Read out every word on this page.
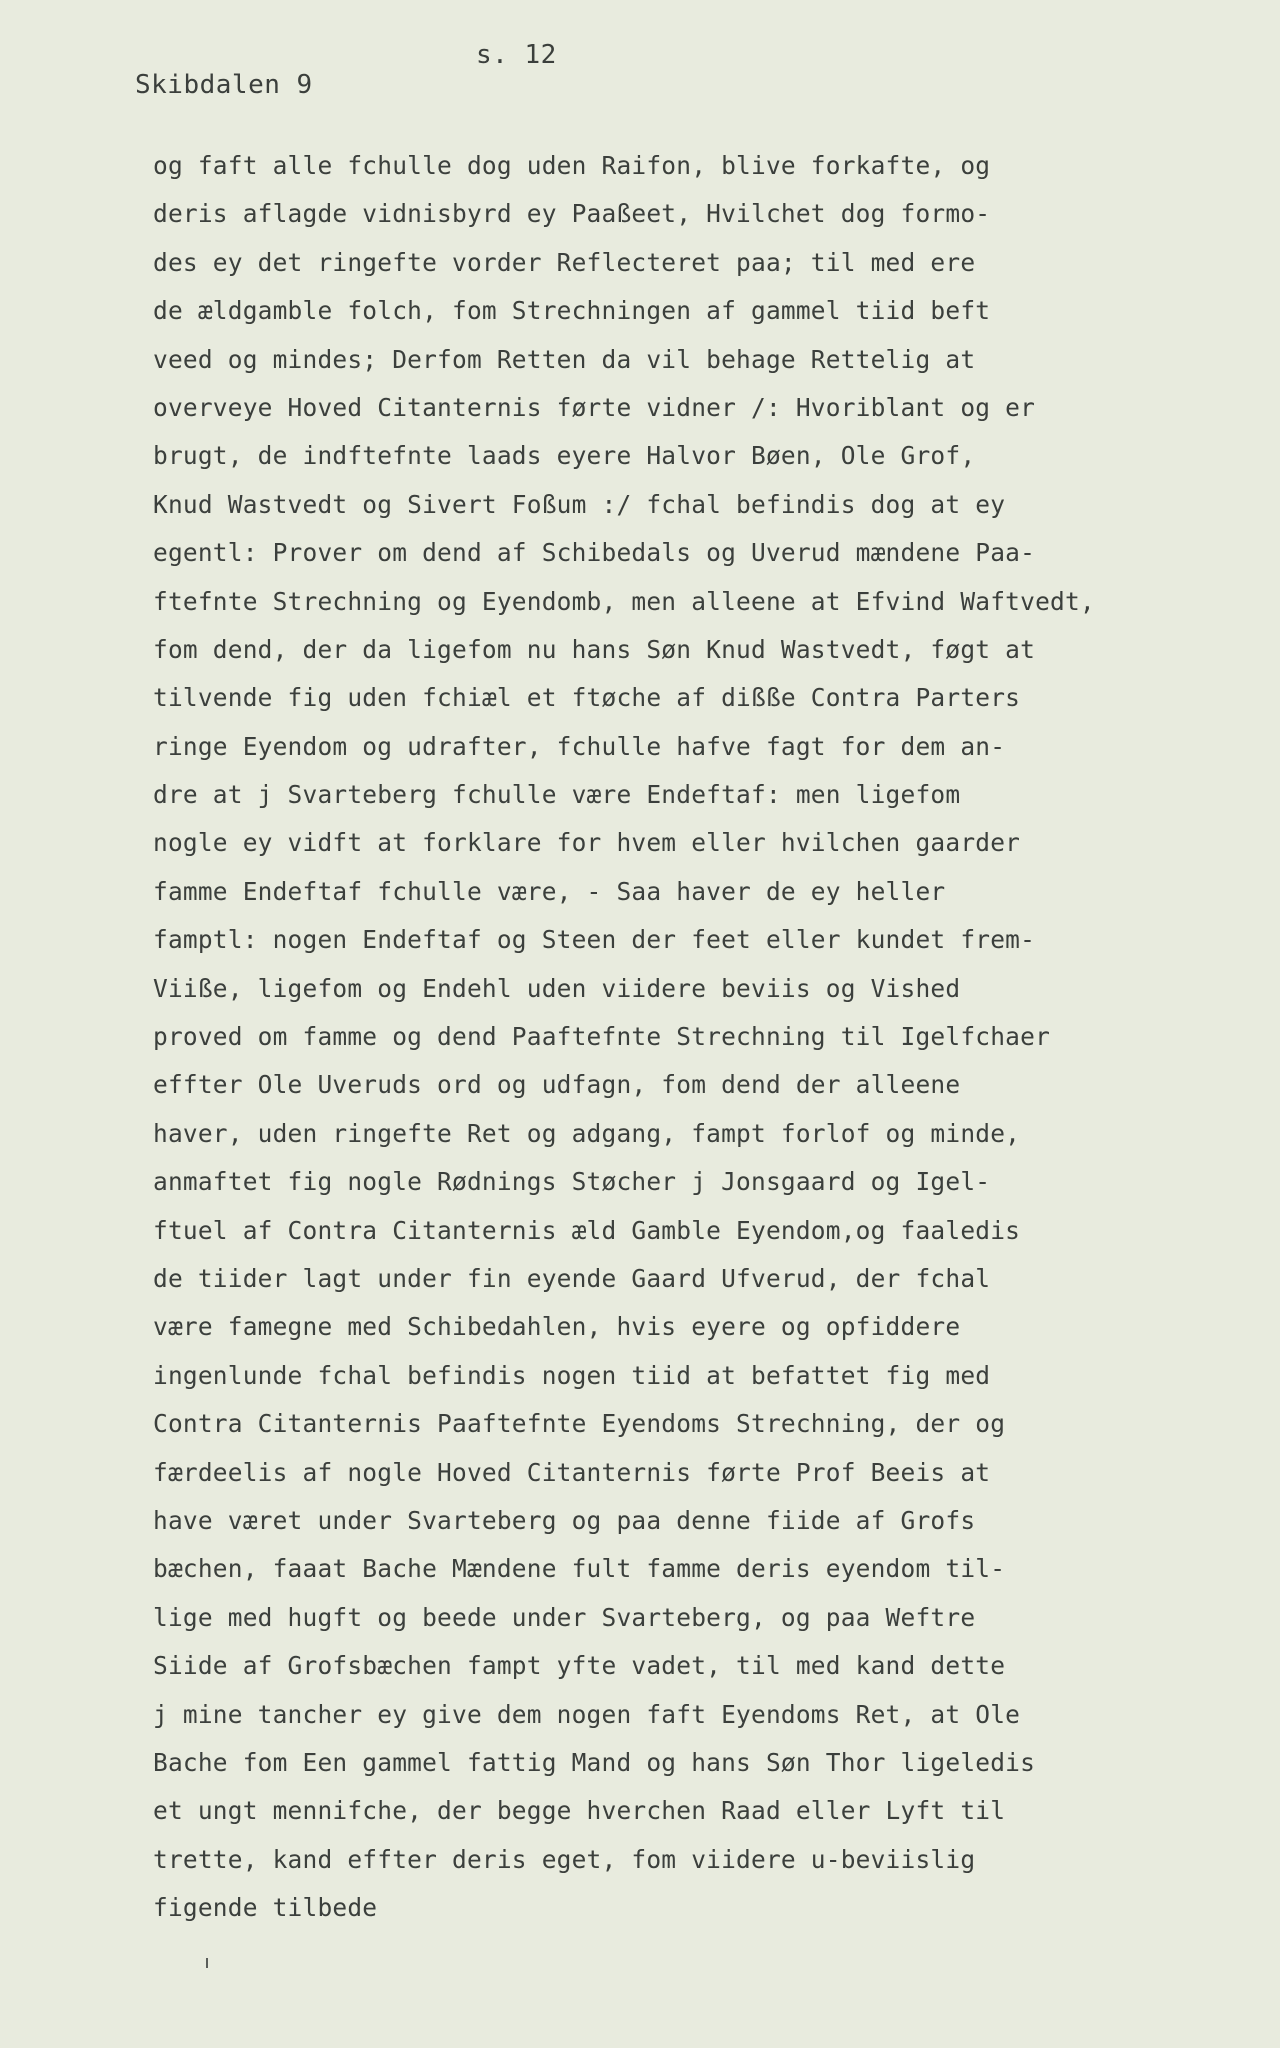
s. 12
Skibdalen 9
og faft alle fchulle dog uden Raifon, blive forkafte, og
deris aflagde vidnisbyrd ey Paaßeet, Hvilchet dog formo-
des ey det ringefte vorder Reflecteret paa; til med ere
de ældgamble folch, fom Strechningen af gammel tiid beft
veed og mindes; Derfom Retten da vil behage Rettelig at
overveye Hoved Citanternis førte vidner /: Hvoriblant og er
brugt, de indftefnte laads eyere Halvor Bøen, Ole Grof,
Knud Wastvedt og Sivert Foßum :/ fchal befindis dog at ey
egentl: Prover om dend af Schibedals og Uverud mændene Paa-
ftefnte Strechning og Eyendomb, men alleene at Efvind Waftvedt,
fom dend, der da ligefom nu hans Søn Knud Wastvedt, føgt at
tilvende fig uden fchiæl et ftøche af dißße Contra Parters
ringe Eyendom og udrafter, fchulle hafve fagt for dem an-
dre at j Svarteberg fchulle være Endeftaf: men ligefom
nogle ey vidft at forklare for hvem eller hvilchen gaarder
famme Endeftaf fchulle være, - Saa haver de ey heller
famptl: nogen Endeftaf og Steen der feet eller kundet frem-
Viiße, ligefom og Endehl uden viidere beviis og Vished
proved om famme og dend Paaftefnte Strechning til Igelfchaer
effter Ole Uveruds ord og udfagn, fom dend der alleene
haver, uden ringefte Ret og adgang, fampt forlof og minde,
anmaftet fig nogle Rødnings Støcher j Jonsgaard og Igel-
ftuel af Contra Citanternis æld Gamble Eyendom,og faaledis
de tiider lagt under fin eyende Gaard Ufverud, der fchal
være famegne med Schibedahlen, hvis eyere og opfiddere
ingenlunde fchal befindis nogen tiid at befattet fig med
Contra Citanternis Paaftefnte Eyendoms Strechning, der og
færdeelis af nogle Hoved Citanternis førte Prof Beeis at
have været under Svarteberg og paa denne fiide af Grofs
bæchen, faaat Bache Mændene fult famme deris eyendom til-
lige med hugft og beede under Svarteberg, og paa Weftre
Siide af Grofsbæchen fampt yfte vadet, til med kand dette
j mine tancher ey give dem nogen faft Eyendoms Ret, at Ole
Bache fom Een gammel fattig Mand og hans Søn Thor ligeledis
et ungt mennifche, der begge hverchen Raad eller Lyft til
trette, kand effter deris eget, fom viidere u-beviislig
figende tilbede
